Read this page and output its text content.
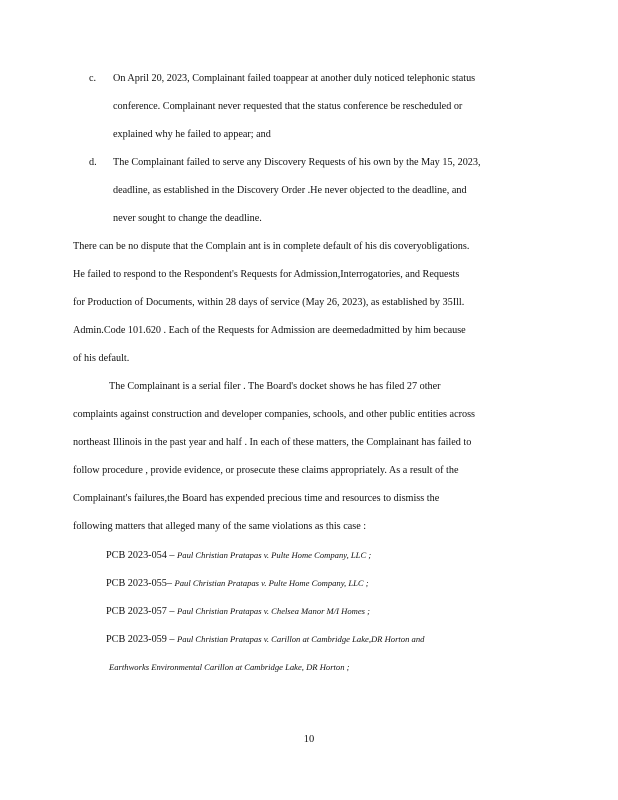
c. On April 20, 2023, Complainant failed toappear at another duly noticed telephonic status
conference. Complainant never requested that the status conference be rescheduled or
explained why he failed to appear; and
d. The Complainant failed to serve any Discovery Requests of his own by the May 15, 2023,
deadline, as established in the Discovery Order .He never objected to the deadline, and
never sought to change the deadline.
There can be no dispute that the Complain ant is in complete default of his dis coveryobligations.
He failed to respond to the Respondent's Requests for Admission,Interrogatories, and Requests
for Production of Documents, within 28 days of service (May 26, 2023), as established by 35Ill.
Admin.Code 101.620 . Each of the Requests for Admission are deemedadmitted by him because
of his default.
The Complainant is a serial filer . The Board's docket shows he has filed 27 other
complaints against construction and developer companies, schools, and other public entities across
northeast Illinois in the past year and half . In each of these matters, the Complainant has failed to
follow procedure , provide evidence, or prosecute these claims appropriately. As a result of the
Complainant's failures,the Board has expended precious time and resources to dismiss the
following matters that alleged many of the same violations as this case :
PCB 2023-054 –
Paul Christian Pratapas v. Pulte Home Company, LLC ;
PCB 2023-055–
Paul Christian Pratapas v. Pulte Home Company, LLC ;
PCB 2023-057 –
Paul Christian Pratapas v. Chelsea Manor M/I Homes ;
PCB 2023-059 –
Paul Christian Pratapas v. Carillon at Cambridge Lake,DR Horton and
Earthworks Environmental Carillon at Cambridge Lake, DR Horton ;
10
